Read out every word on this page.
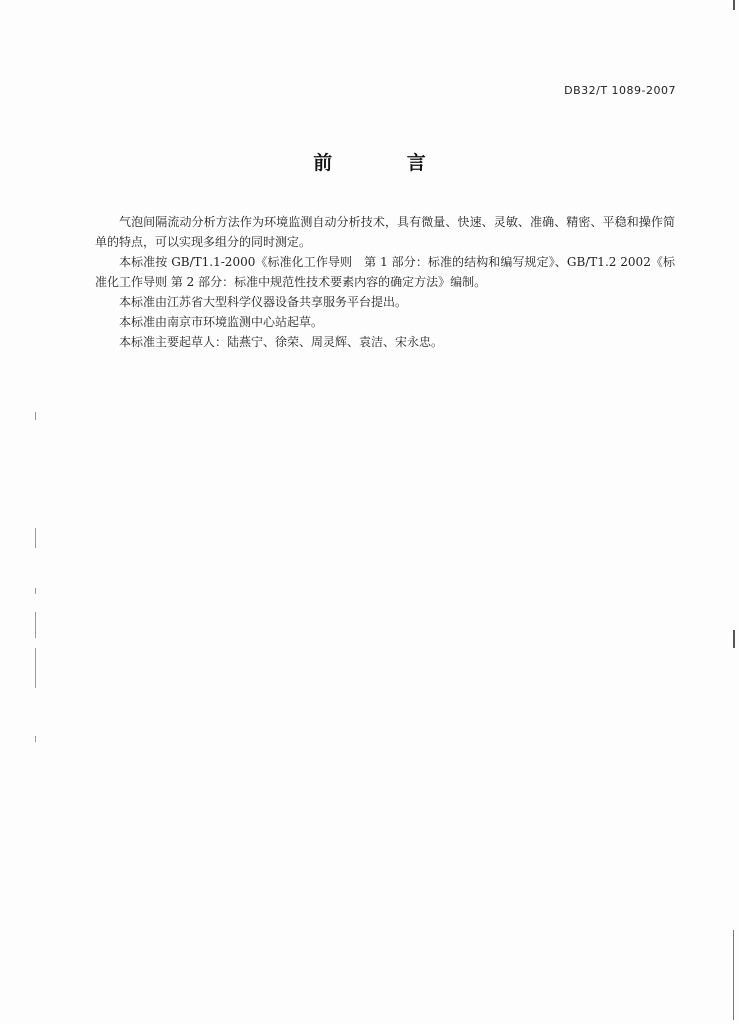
DB32/T 1089-2007
前 言

气泡间隔流动分析方法作为环境监测自动分析技术，具有微量、快速、灵敏、准确、精密、平稳和操作简单的特点，可以实现多组分的同时测定。

本标准按 GB/T1.1-2000《标准化工作导则　第 1 部分：标准的结构和编写规定》、GB/T1.2 2002《标准化工作导则 第 2 部分：标准中规范性技术要素内容的确定方法》编制。

本标准由江苏省大型科学仪器设备共享服务平台提出。

本标准由南京市环境监测中心站起草。

本标准主要起草人：陆燕宁、徐荣、周灵辉、袁洁、宋永忠。
